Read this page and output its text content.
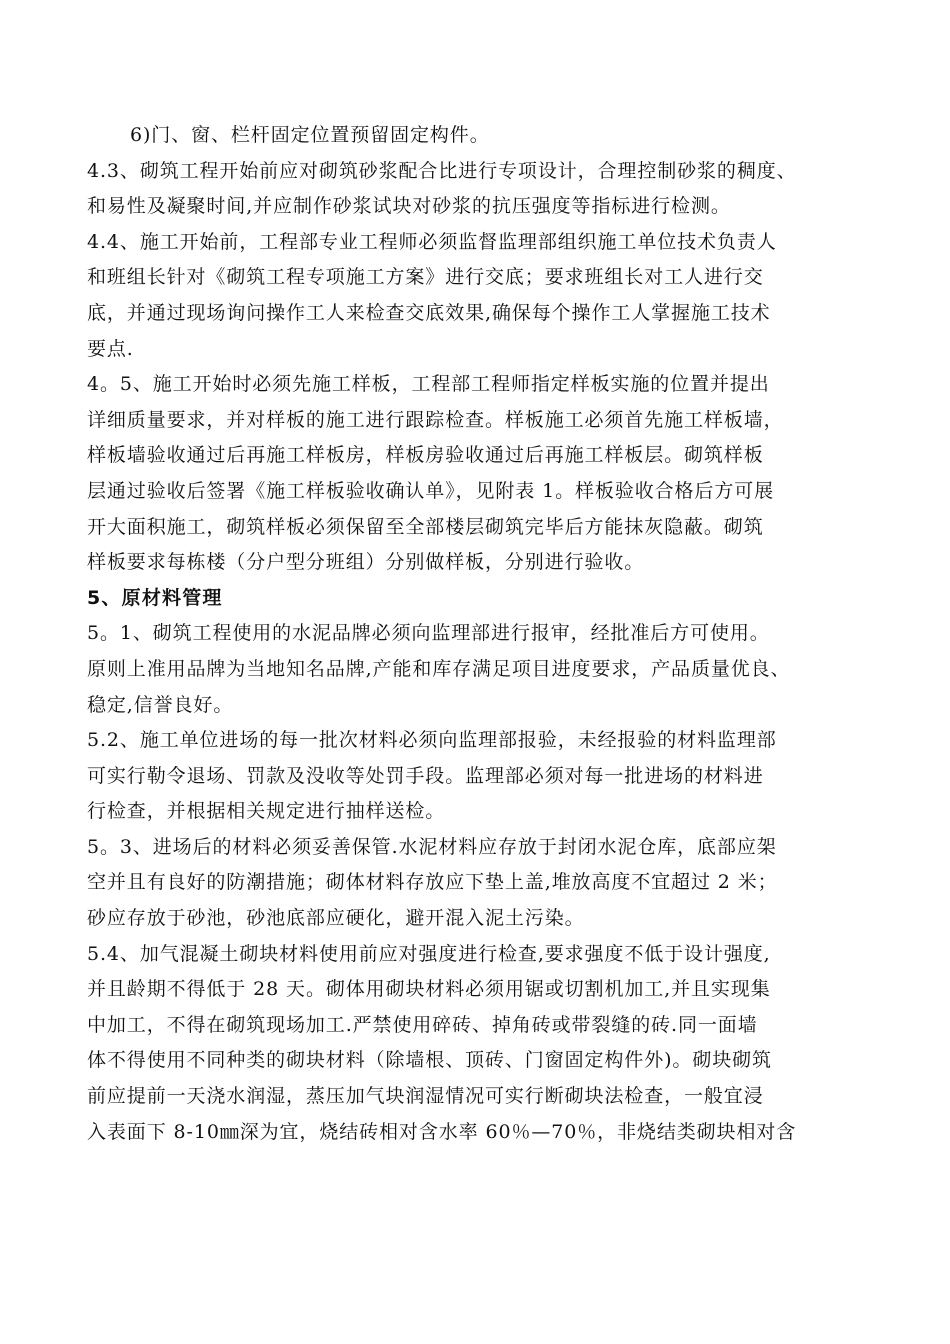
6)门、窗、栏杆固定位置预留固定构件。
4.3、砌筑工程开始前应对砌筑砂浆配合比进行专项设计，合理控制砂浆的稠度、
和易性及凝聚时间,并应制作砂浆试块对砂浆的抗压强度等指标进行检测。
4.4、施工开始前，工程部专业工程师必须监督监理部组织施工单位技术负责人
和班组长针对《砌筑工程专项施工方案》进行交底；要求班组长对工人进行交
底，并通过现场询问操作工人来检查交底效果,确保每个操作工人掌握施工技术
要点.
4。5、施工开始时必须先施工样板，工程部工程师指定样板实施的位置并提出
详细质量要求，并对样板的施工进行跟踪检查。样板施工必须首先施工样板墙，
样板墙验收通过后再施工样板房，样板房验收通过后再施工样板层。砌筑样板
层通过验收后签署《施工样板验收确认单》，见附表 1。样板验收合格后方可展
开大面积施工，砌筑样板必须保留至全部楼层砌筑完毕后方能抹灰隐蔽。砌筑
样板要求每栋楼（分户型分班组）分别做样板，分别进行验收。
5、原材料管理
5。1、砌筑工程使用的水泥品牌必须向监理部进行报审，经批准后方可使用。
原则上准用品牌为当地知名品牌,产能和库存满足项目进度要求，产品质量优良、
稳定,信誉良好。
5.2、施工单位进场的每一批次材料必须向监理部报验，未经报验的材料监理部
可实行勒令退场、罚款及没收等处罚手段。监理部必须对每一批进场的材料进
行检查，并根据相关规定进行抽样送检。
5。3、进场后的材料必须妥善保管.水泥材料应存放于封闭水泥仓库，底部应架
空并且有良好的防潮措施；砌体材料存放应下垫上盖,堆放高度不宜超过 2 米；
砂应存放于砂池，砂池底部应硬化，避开混入泥土污染。
5.4、加气混凝土砌块材料使用前应对强度进行检查,要求强度不低于设计强度,
并且龄期不得低于 28 天。砌体用砌块材料必须用锯或切割机加工,并且实现集
中加工，不得在砌筑现场加工.严禁使用碎砖、掉角砖或带裂缝的砖.同一面墙
体不得使用不同种类的砌块材料（除墙根、顶砖、门窗固定构件外)。砌块砌筑
前应提前一天浇水润湿，蒸压加气块润湿情况可实行断砌块法检查，一般宜浸
入表面下 8-10㎜深为宜，烧结砖相对含水率 60％—70％，非烧结类砌块相对含
